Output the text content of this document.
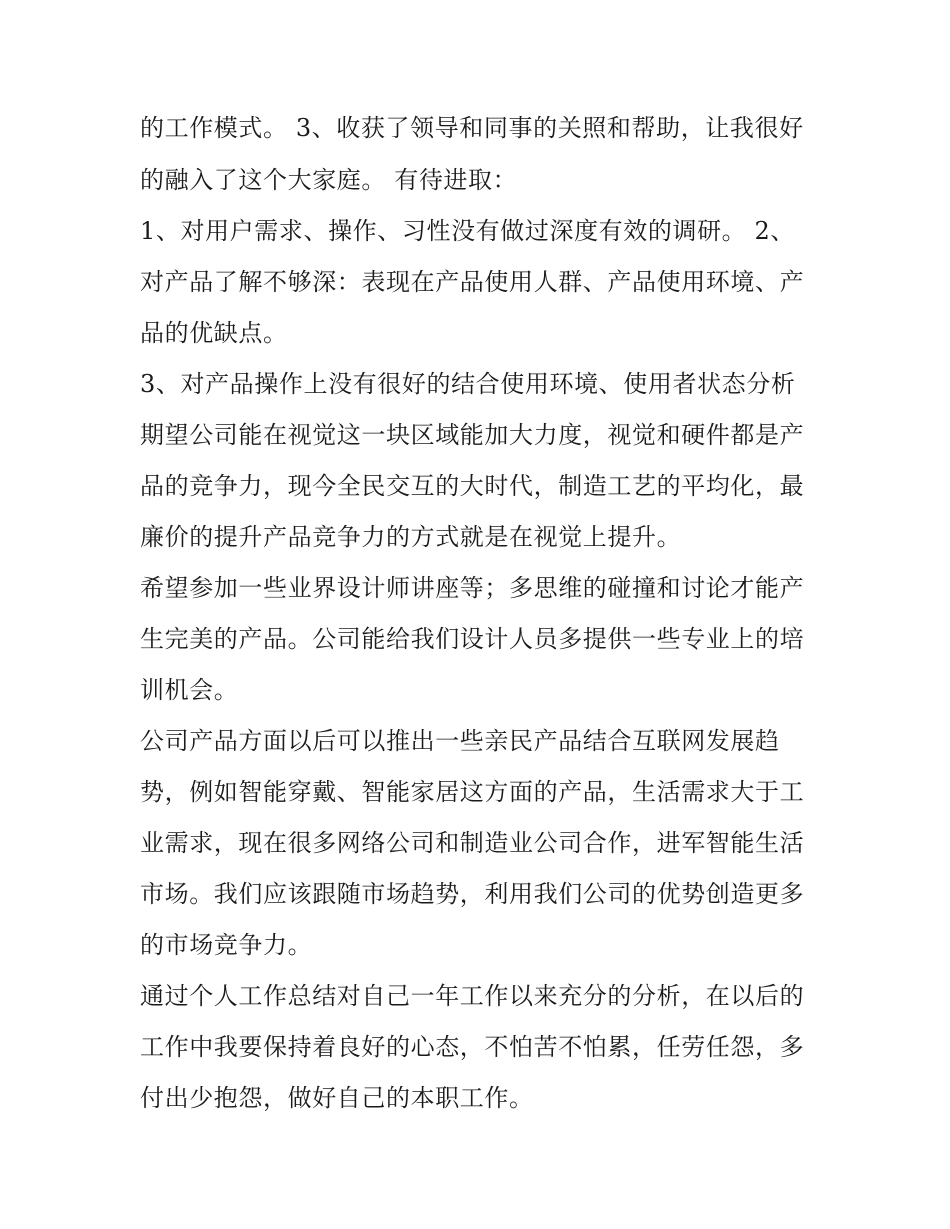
的工作模式。 3、收获了领导和同事的关照和帮助，让我很好
的融入了这个大家庭。 有待进取：
1、对用户需求、操作、习性没有做过深度有效的调研。 2、
对产品了解不够深：表现在产品使用人群、产品使用环境、产
品的优缺点。
3、对产品操作上没有很好的结合使用环境、使用者状态分析
期望公司能在视觉这一块区域能加大力度，视觉和硬件都是产
品的竞争力，现今全民交互的大时代，制造工艺的平均化，最
廉价的提升产品竞争力的方式就是在视觉上提升。
希望参加一些业界设计师讲座等；多思维的碰撞和讨论才能产
生完美的产品。公司能给我们设计人员多提供一些专业上的培
训机会。
公司产品方面以后可以推出一些亲民产品结合互联网发展趋
势，例如智能穿戴、智能家居这方面的产品，生活需求大于工
业需求，现在很多网络公司和制造业公司合作，进军智能生活
市场。我们应该跟随市场趋势，利用我们公司的优势创造更多
的市场竞争力。
通过个人工作总结对自己一年工作以来充分的分析，在以后的
工作中我要保持着良好的心态，不怕苦不怕累，任劳任怨，多
付出少抱怨，做好自己的本职工作。
